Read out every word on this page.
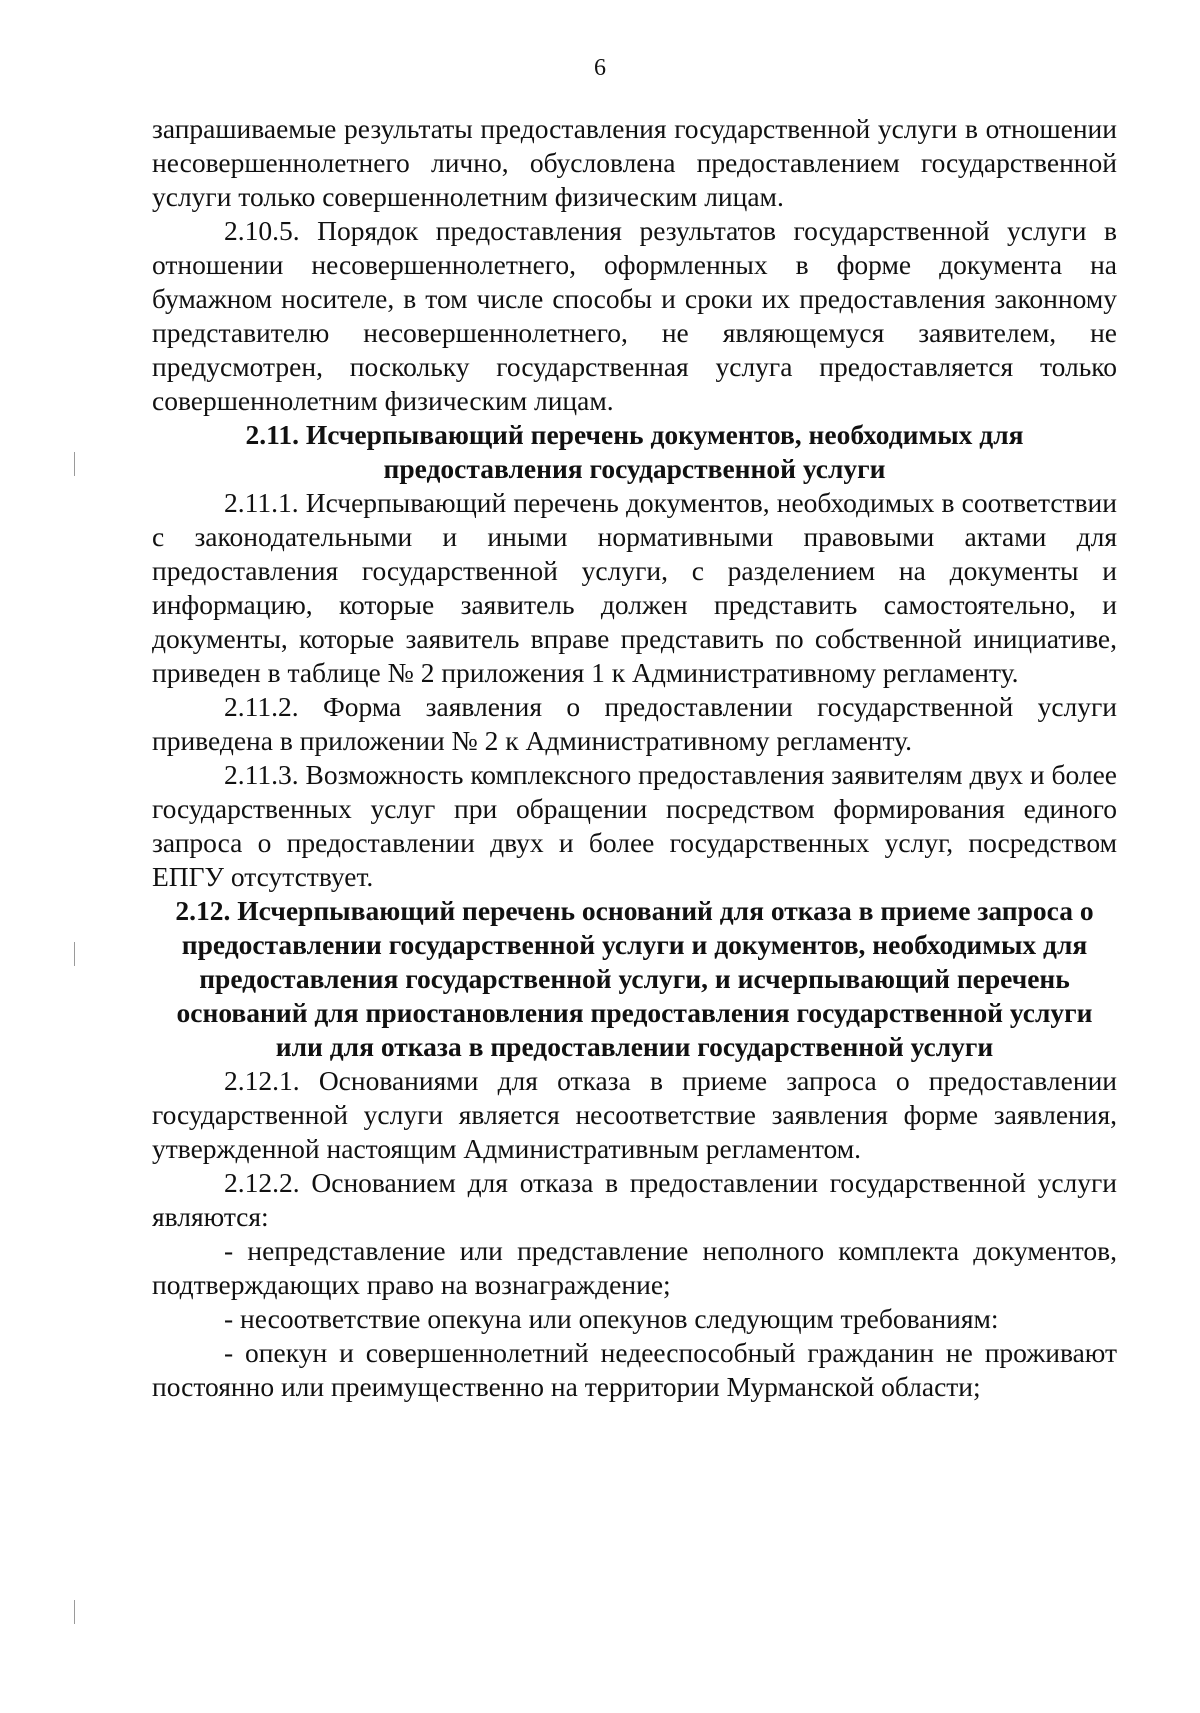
6

запрашиваемые результаты предоставления государственной услуги в отношении несовершеннолетнего лично, обусловлена предоставлением государственной услуги только совершеннолетним физическим лицам.

2.10.5. Порядок предоставления результатов государственной услуги в отношении несовершеннолетнего, оформленных в форме документа на бумажном носителе, в том числе способы и сроки их предоставления законному представителю несовершеннолетнего, не являющемуся заявителем, не предусмотрен, поскольку государственная услуга предоставляется только совершеннолетним физическим лицам.

2.11. Исчерпывающий перечень документов, необходимых для предоставления государственной услуги

2.11.1. Исчерпывающий перечень документов, необходимых в соответствии с законодательными и иными нормативными правовыми актами для предоставления государственной услуги, с разделением на документы и информацию, которые заявитель должен представить самостоятельно, и документы, которые заявитель вправе представить по собственной инициативе, приведен в таблице № 2 приложения 1 к Административному регламенту.

2.11.2. Форма заявления о предоставлении государственной услуги приведена в приложении № 2 к Административному регламенту.

2.11.3. Возможность комплексного предоставления заявителям двух и более государственных услуг при обращении посредством формирования единого запроса о предоставлении двух и более государственных услуг, посредством ЕПГУ отсутствует.

2.12. Исчерпывающий перечень оснований для отказа в приеме запроса о предоставлении государственной услуги и документов, необходимых для предоставления государственной услуги, и исчерпывающий перечень оснований для приостановления предоставления государственной услуги или для отказа в предоставлении государственной услуги

2.12.1. Основаниями для отказа в приеме запроса о предоставлении государственной услуги является несоответствие заявления форме заявления, утвержденной настоящим Административным регламентом.

2.12.2. Основанием для отказа в предоставлении государственной услуги являются:

- непредставление или представление неполного комплекта документов, подтверждающих право на вознаграждение;

- несоответствие опекуна или опекунов следующим требованиям:

- опекун и совершеннолетний недееспособный гражданин не проживают постоянно или преимущественно на территории Мурманской области;
